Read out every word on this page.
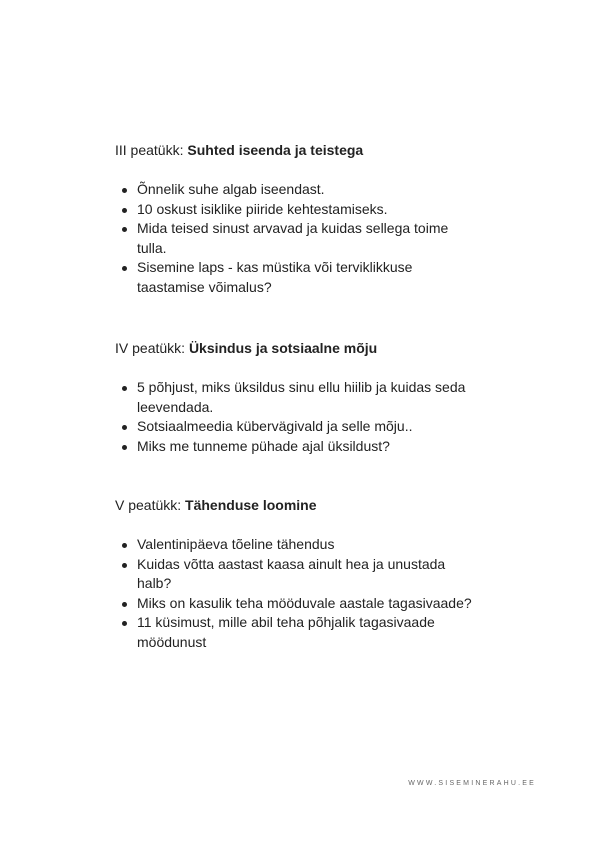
III peatükk: Suhted iseenda ja teistega
Õnnelik suhe algab iseendast.
10 oskust isiklike piiride kehtestamiseks.
Mida teised sinust arvavad ja kuidas sellega toime tulla.
Sisemine laps - kas müstika või terviklikkuse taastamise võimalus?
IV peatükk: Üksindus ja sotsiaalne mõju
5 põhjust, miks üksildus sinu ellu hiilib ja kuidas seda leevendada.
Sotsiaalmeedia kübervägivald ja selle mõju..
Miks me tunneme pühade ajal üksildust?
V peatükk: Tähenduse loomine
Valentinipäeva tõeline tähendus
Kuidas võtta aastast kaasa ainult hea ja unustada halb?
Miks on kasulik teha mööduvale aastale tagasivaade?
11 küsimust, mille abil teha põhjalik tagasivaade möödunust
WWW.SISEMINERAHU.EE
